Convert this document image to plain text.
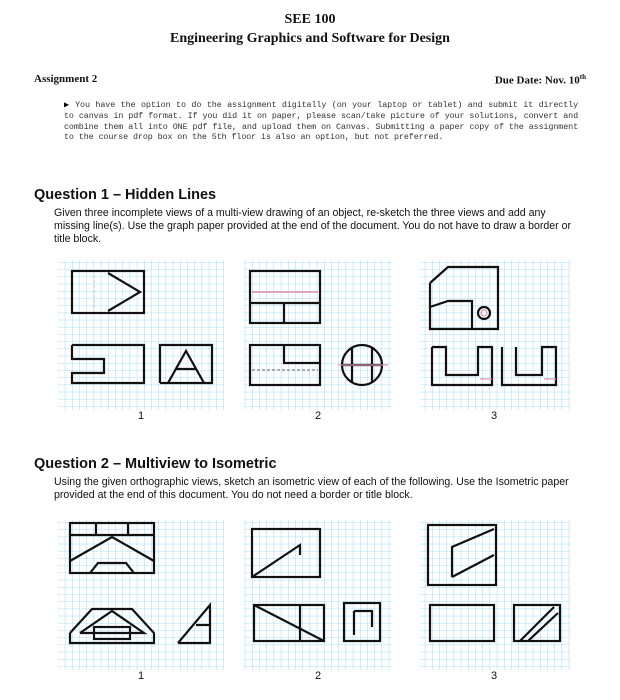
SEE 100
Engineering Graphics and Software for Design
Assignment 2	Due Date: Nov. 10th
▶ You have the option to do the assignment digitally (on your laptop or tablet) and submit it directly to canvas in pdf format. If you did it on paper, please scan/take picture of your solutions, convert and combine them all into ONE pdf file, and upload them on Canvas. Submitting a paper copy of the assignment to the course drop box on the 5th floor is also an option, but not preferred.
Question 1 – Hidden Lines
Given three incomplete views of a multi-view drawing of an object, re-sketch the three views and add any missing line(s). Use the graph paper provided at the end of the document. You do not have to draw a border or title block.
1	2	3
Question 2 – Multiview to Isometric
Using the given orthographic views, sketch an isometric view of each of the following. Use the Isometric paper provided at the end of this document. You do not need a border or title block.
1	2	3
